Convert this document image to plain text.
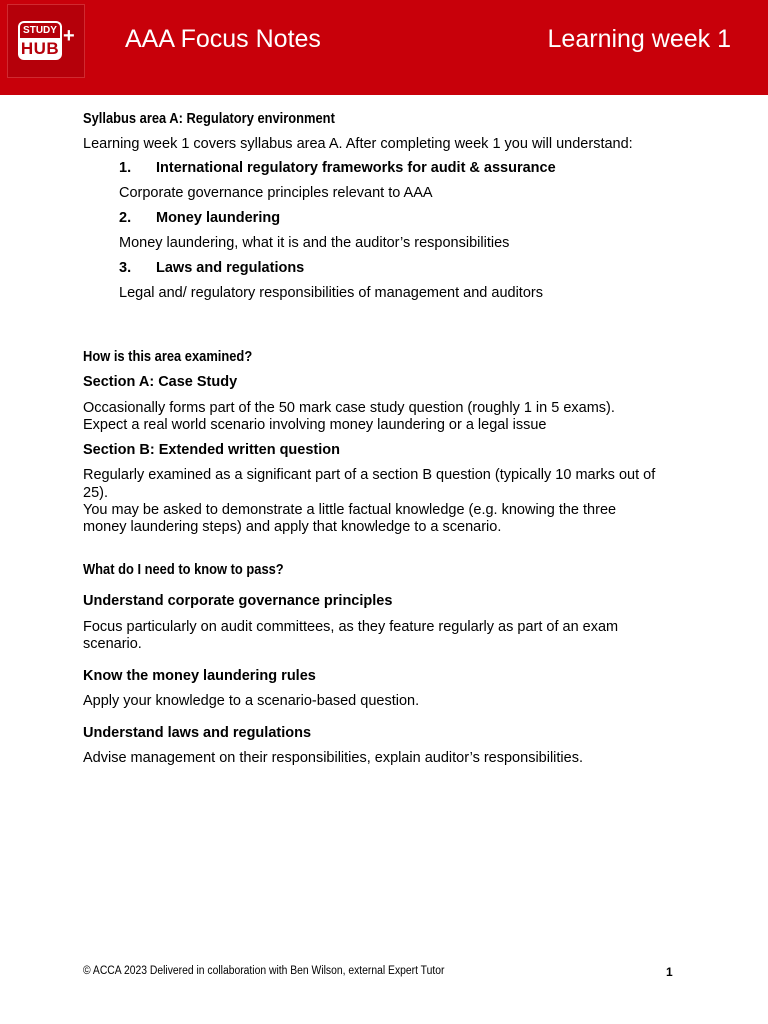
STUDY
HUB
+ AAA Focus Notes	Learning week 1

Syllabus area A: Regulatory environment

Learning week 1 covers syllabus area A. After completing week 1 you will understand:

1. International regulatory frameworks for audit & assurance

Corporate governance principles relevant to AAA

2. Money laundering

Money laundering, what it is and the auditor’s responsibilities

3. Laws and regulations

Legal and/ regulatory responsibilities of management and auditors

How is this area examined?

Section A: Case Study

Occasionally forms part of the 50 mark case study question (roughly 1 in 5 exams).

Expect a real world scenario involving money laundering or a legal issue

Section B: Extended written question

Regularly examined as a significant part of a section B question (typically 10 marks out of

25).

You may be asked to demonstrate a little factual knowledge (e.g. knowing the three

money laundering steps) and apply that knowledge to a scenario.

What do I need to know to pass?

Understand corporate governance principles

Focus particularly on audit committees, as they feature regularly as part of an exam

scenario.

Know the money laundering rules

Apply your knowledge to a scenario-based question.

Understand laws and regulations

Advise management on their responsibilities, explain auditor’s responsibilities.

© ACCA 2023 Delivered in collaboration with Ben Wilson, external Expert Tutor	1
